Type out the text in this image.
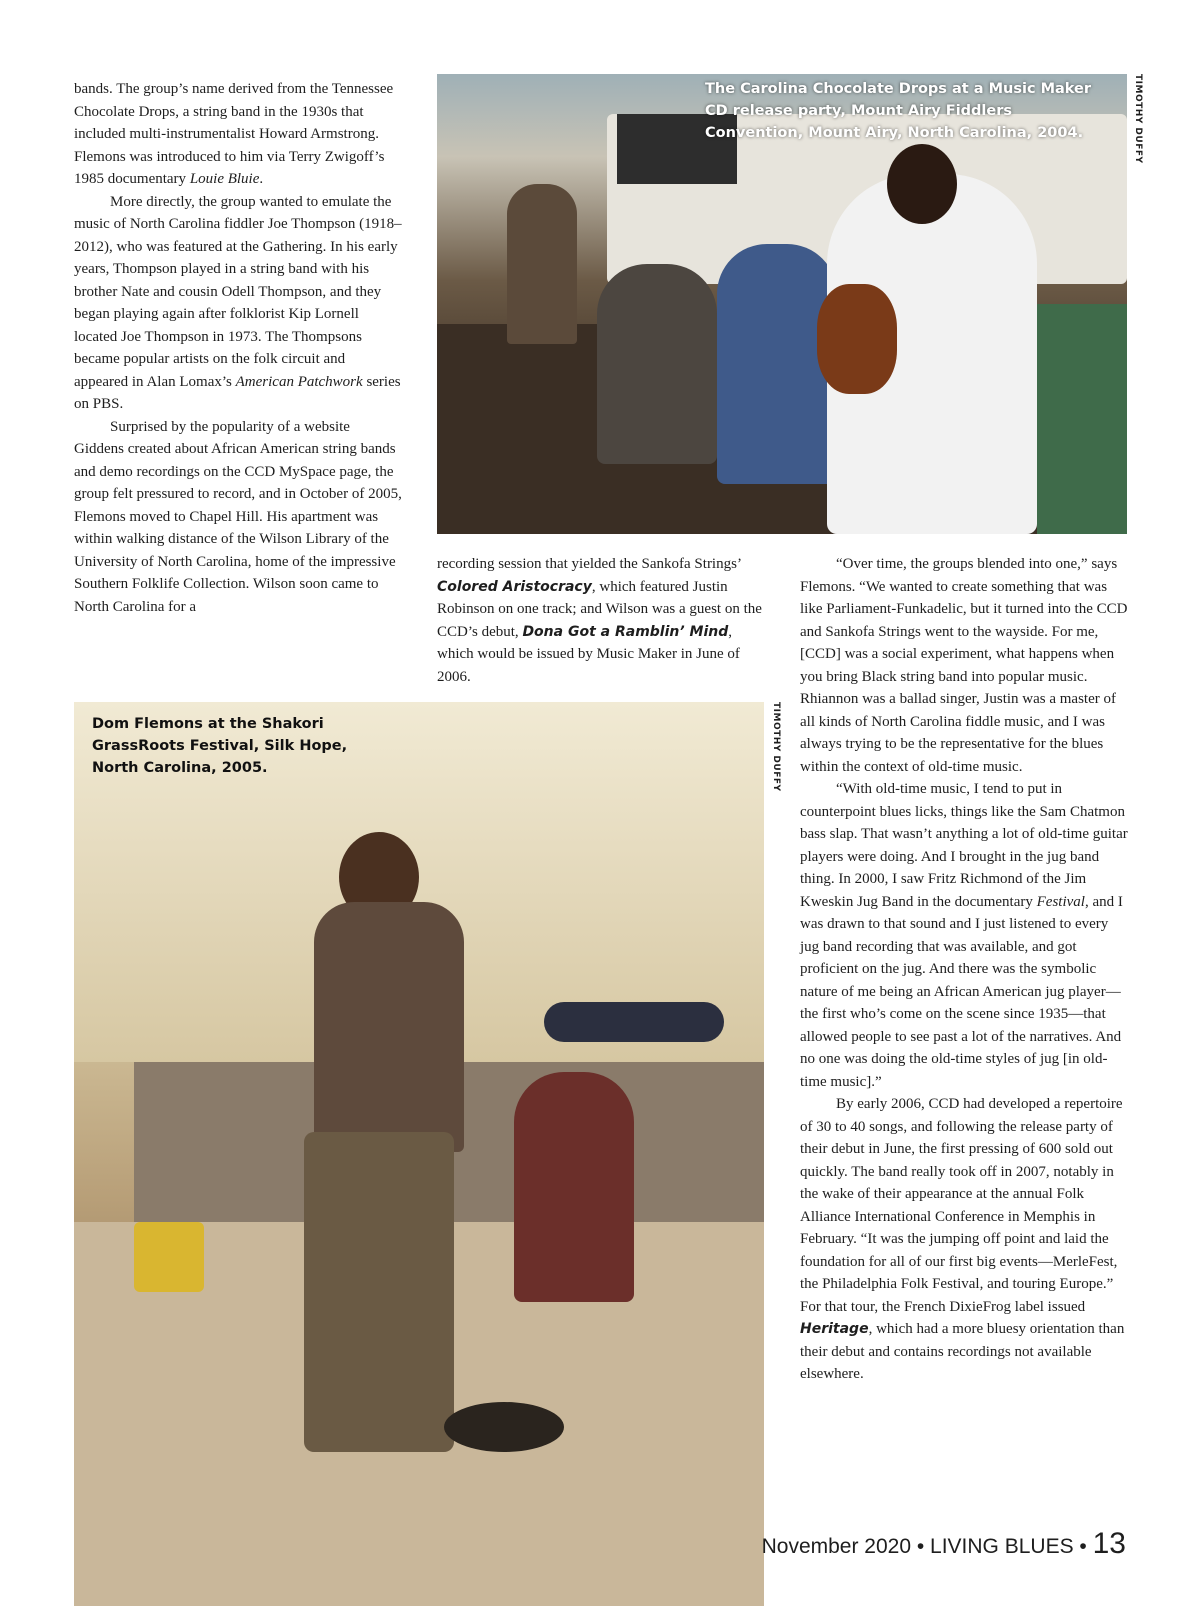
bands. The group’s name derived from the Tennessee Chocolate Drops, a string band in the 1930s that included multi-instrumentalist Howard Armstrong. Flemons was introduced to him via Terry Zwigoff’s 1985 documentary Louie Bluie.

More directly, the group wanted to emulate the music of North Carolina fiddler Joe Thompson (1918–2012), who was featured at the Gathering. In his early years, Thompson played in a string band with his brother Nate and cousin Odell Thompson, and they began playing again after folklorist Kip Lornell located Joe Thompson in 1973. The Thompsons became popular artists on the folk circuit and appeared in Alan Lomax’s American Patchwork series on PBS.

Surprised by the popularity of a website Giddens created about African American string bands and demo recordings on the CCD MySpace page, the group felt pressured to record, and in October of 2005, Flemons moved to Chapel Hill. His apartment was within walking distance of the Wilson Library of the University of North Carolina, home of the impressive Southern Folklife Collection. Wilson soon came to North Carolina for a

The Carolina Chocolate Drops at a Music Maker CD release party, Mount Airy Fiddlers Convention, Mount Airy, North Carolina, 2004.	TIMOTHY DUFFY

recording session that yielded the Sankofa Strings’ Colored Aristocracy, which featured Justin Robinson on one track; and Wilson was a guest on the CCD’s debut, Dona Got a Ramblin’ Mind, which would be issued by Music Maker in June of 2006.

“Over time, the groups blended into one,” says Flemons. “We wanted to create something that was like Parliament-Funkadelic, but it turned into the CCD and Sankofa Strings went to the wayside. For me, [CCD] was a social experiment, what happens when you bring Black string band into popular music. Rhiannon was a ballad singer, Justin was a master of all kinds of North Carolina fiddle music, and I was always trying to be the representative for the blues within the context of old-time music.

“With old-time music, I tend to put in counterpoint blues licks, things like the Sam Chatmon bass slap. That wasn’t anything a lot of old-time guitar players were doing. And I brought in the jug band thing. In 2000, I saw Fritz Richmond of the Jim Kweskin Jug Band in the documentary Festival, and I was drawn to that sound and I just listened to every jug band recording that was available, and got proficient on the jug. And there was the symbolic nature of me being an African American jug player—the first who’s come on the scene since 1935—that allowed people to see past a lot of the narratives. And no one was doing the old-time styles of jug [in old-time music].”

By early 2006, CCD had developed a repertoire of 30 to 40 songs, and following the release party of their debut in June, the first pressing of 600 sold out quickly. The band really took off in 2007, notably in the wake of their appearance at the annual Folk Alliance International Conference in Memphis in February. “It was the jumping off point and laid the foundation for all of our first big events—MerleFest, the Philadelphia Folk Festival, and touring Europe.” For that tour, the French DixieFrog label issued Heritage, which had a more bluesy orientation than their debut and contains recordings not available elsewhere.

Dom Flemons at the Shakori GrassRoots Festival, Silk Hope, North Carolina, 2005.	TIMOTHY DUFFY

November 2020 • LIVING BLUES • 13
